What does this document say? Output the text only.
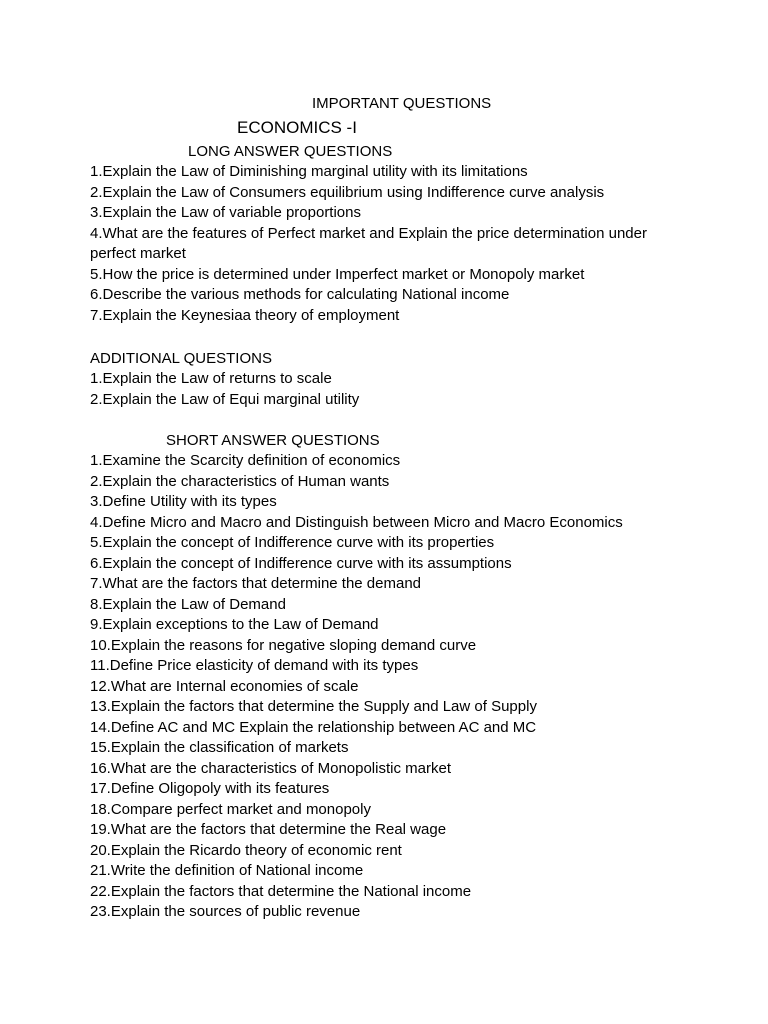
IMPORTANT QUESTIONS
ECONOMICS -I
LONG ANSWER QUESTIONS
1.Explain the Law of Diminishing marginal utility with its limitations
2.Explain the Law of Consumers equilibrium using Indifference curve analysis
3.Explain the Law of variable proportions
4.What are the features of Perfect market and Explain the price determination under perfect market
5.How the price is determined under Imperfect market or Monopoly market
6.Describe the various methods for calculating National income
7.Explain the Keynesiaa theory of employment
ADDITIONAL QUESTIONS
1.Explain the Law of returns to scale
2.Explain the Law of Equi marginal utility
SHORT ANSWER QUESTIONS
1.Examine the Scarcity definition of economics
2.Explain the characteristics of Human wants
3.Define Utility with its types
4.Define Micro and Macro and Distinguish between Micro and Macro Economics
5.Explain the concept of Indifference curve with its properties
6.Explain the concept of Indifference curve with its assumptions
7.What are the factors that determine the demand
8.Explain the Law of Demand
9.Explain exceptions to the Law of Demand
10.Explain the reasons for negative sloping demand curve
11.Define Price elasticity of demand with its types
12.What are Internal economies of scale
13.Explain the factors that determine the Supply and Law of Supply
14.Define AC and MC Explain the relationship between AC and MC
15.Explain the classification of markets
16.What are the characteristics of Monopolistic market
17.Define Oligopoly with its features
18.Compare perfect market and monopoly
19.What are the factors that determine the Real wage
20.Explain the Ricardo theory of economic rent
21.Write the definition of National income
22.Explain the factors that determine the National income
23.Explain the sources of public revenue
